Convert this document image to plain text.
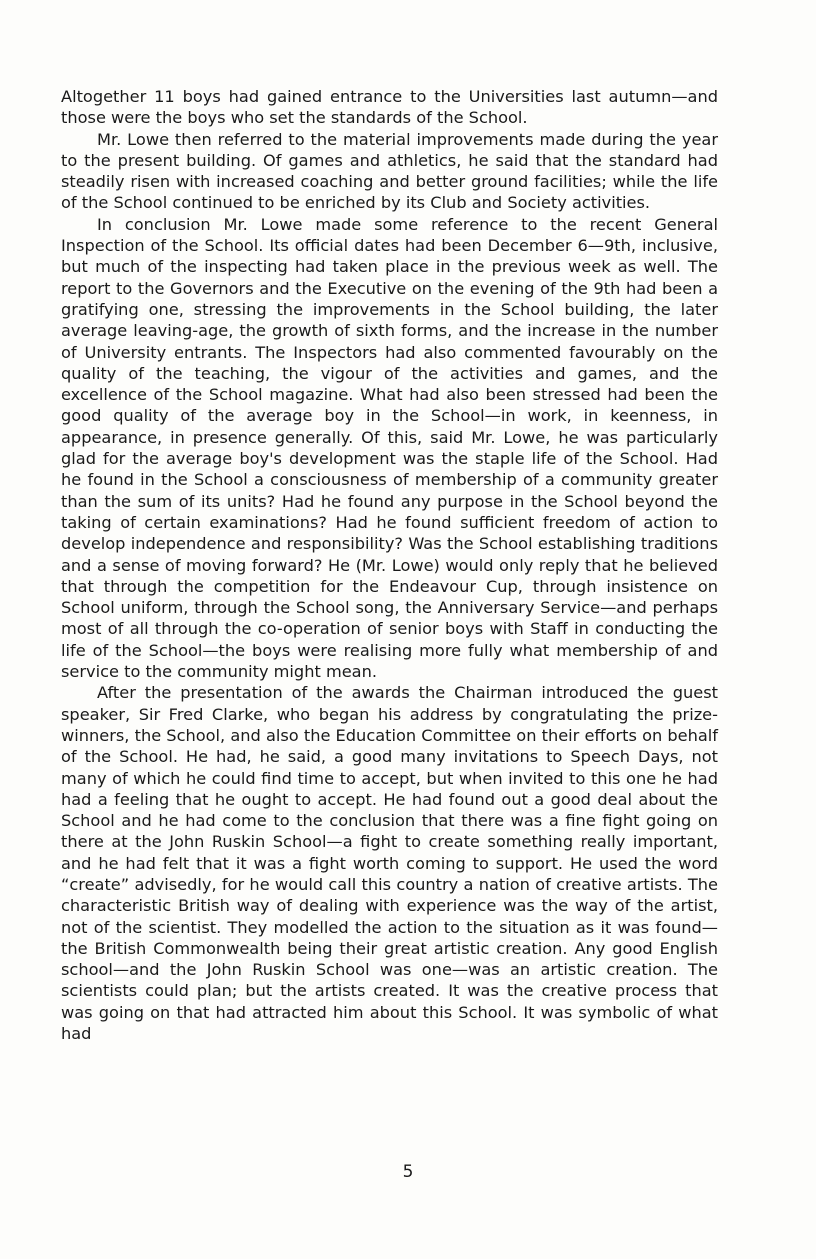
Altogether 11 boys had gained entrance to the Universities last autumn—and those were the boys who set the standards of the School.

Mr. Lowe then referred to the material improvements made during the year to the present building. Of games and athletics, he said that the standard had steadily risen with increased coaching and better ground facilities; while the life of the School continued to be enriched by its Club and Society activities.

In conclusion Mr. Lowe made some reference to the recent General Inspection of the School. Its official dates had been December 6—9th, inclusive, but much of the inspecting had taken place in the previous week as well. The report to the Governors and the Executive on the evening of the 9th had been a gratifying one, stressing the improvements in the School building, the later average leaving-age, the growth of sixth forms, and the increase in the number of University entrants. The Inspectors had also commented favourably on the quality of the teaching, the vigour of the activities and games, and the excellence of the School magazine. What had also been stressed had been the good quality of the average boy in the School—in work, in keenness, in appearance, in presence generally. Of this, said Mr. Lowe, he was particularly glad for the average boy's development was the staple life of the School. Had he found in the School a consciousness of membership of a community greater than the sum of its units? Had he found any purpose in the School beyond the taking of certain examinations? Had he found sufficient freedom of action to develop independence and responsibility? Was the School establishing traditions and a sense of moving forward? He (Mr. Lowe) would only reply that he believed that through the competition for the Endeavour Cup, through insistence on School uniform, through the School song, the Anniversary Service—and perhaps most of all through the co-operation of senior boys with Staff in conducting the life of the School—the boys were realising more fully what membership of and service to the community might mean.

After the presentation of the awards the Chairman introduced the guest speaker, Sir Fred Clarke, who began his address by congratulating the prize-winners, the School, and also the Education Committee on their efforts on behalf of the School. He had, he said, a good many invitations to Speech Days, not many of which he could find time to accept, but when invited to this one he had had a feeling that he ought to accept. He had found out a good deal about the School and he had come to the conclusion that there was a fine fight going on there at the John Ruskin School—a fight to create something really important, and he had felt that it was a fight worth coming to support. He used the word “create” advisedly, for he would call this country a nation of creative artists. The characteristic British way of dealing with experience was the way of the artist, not of the scientist. They modelled the action to the situation as it was found—the British Commonwealth being their great artistic creation. Any good English school—and the John Ruskin School was one—was an artistic creation. The scientists could plan; but the artists created. It was the creative process that was going on that had attracted him about this School. It was symbolic of what had

5
